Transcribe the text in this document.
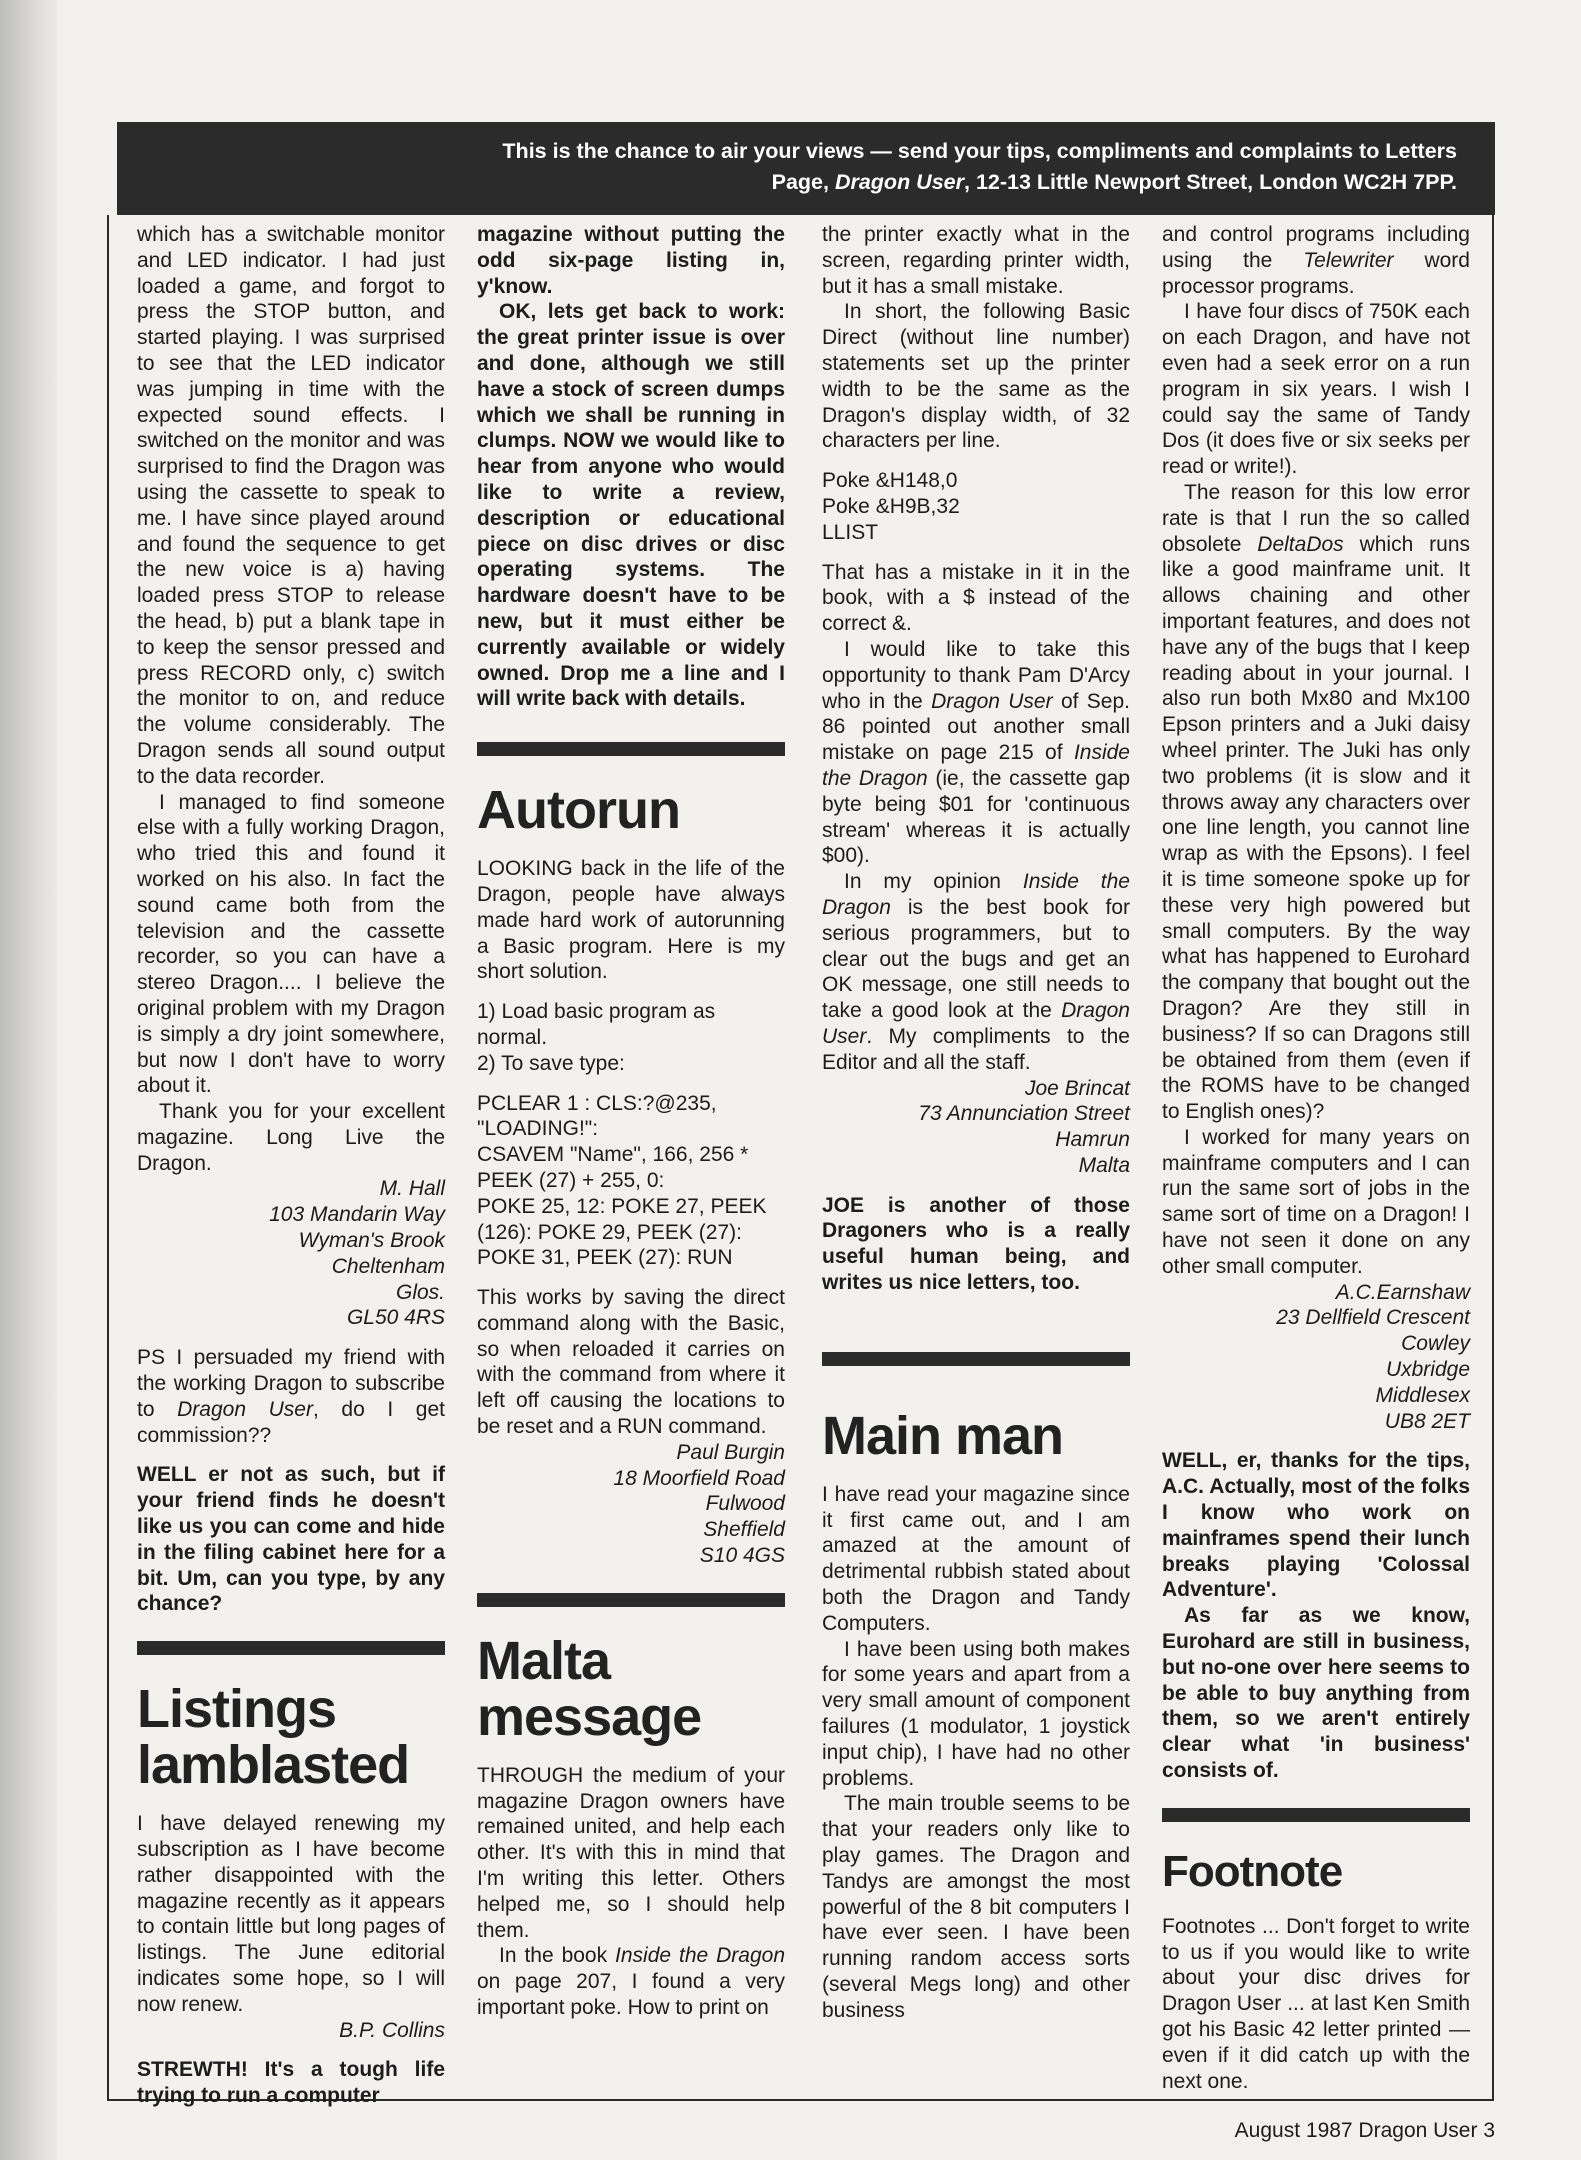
This is the chance to air your views — send your tips, compliments and complaints to Letters
Page, Dragon User, 12-13 Little Newport Street, London WC2H 7PP.

which has a switchable monitor and LED indicator. I had just loaded a game, and forgot to press the STOP button, and started playing. I was surprised to see that the LED indicator was jumping in time with the expected sound effects. I switched on the monitor and was surprised to find the Dragon was using the cassette to speak to me. I have since played around and found the sequence to get the new voice is a) having loaded press STOP to release the head, b) put a blank tape in to keep the sensor pressed and press RECORD only, c) switch the monitor to on, and reduce the volume considerably. The Dragon sends all sound output to the data recorder.

I managed to find someone else with a fully working Dragon, who tried this and found it worked on his also. In fact the sound came both from the television and the cassette recorder, so you can have a stereo Dragon.... I believe the original problem with my Dragon is simply a dry joint somewhere, but now I don't have to worry about it.

Thank you for your excellent magazine. Long Live the Dragon.

M. Hall

103 Mandarin Way

Wyman's Brook

Cheltenham

Glos.

GL50 4RS

PS I persuaded my friend with the working Dragon to subscribe to Dragon User, do I get commission??

WELL er not as such, but if your friend finds he doesn't like us you can come and hide in the filing cabinet here for a bit. Um, can you type, by any chance?

Listings lamblasted

I have delayed renewing my subscription as I have become rather disappointed with the magazine recently as it appears to contain little but long pages of listings. The June editorial indicates some hope, so I will now renew.

B.P. Collins

STREWTH! It's a tough life trying to run a computer

magazine without putting the odd six-page listing in, y'know.

OK, lets get back to work: the great printer issue is over and done, although we still have a stock of screen dumps which we shall be running in clumps. NOW we would like to hear from anyone who would like to write a review, description or educational piece on disc drives or disc operating systems. The hardware doesn't have to be new, but it must either be currently available or widely owned. Drop me a line and I will write back with details.

Autorun

LOOKING back in the life of the Dragon, people have always made hard work of autorunning a Basic program. Here is my short solution.

1) Load basic program as normal.

2) To save type:

PCLEAR 1 : CLS:?@235,

"LOADING!":

CSAVEM "Name", 166, 256 *

PEEK (27) + 255, 0:

POKE 25, 12: POKE 27, PEEK

(126): POKE 29, PEEK (27):

POKE 31, PEEK (27): RUN

This works by saving the direct command along with the Basic, so when reloaded it carries on with the command from where it left off causing the locations to be reset and a RUN command.

Paul Burgin

18 Moorfield Road

Fulwood

Sheffield

S10 4GS

Malta message

THROUGH the medium of your magazine Dragon owners have remained united, and help each other. It's with this in mind that I'm writing this letter. Others helped me, so I should help them.

In the book Inside the Dragon on page 207, I found a very important poke. How to print on

the printer exactly what in the screen, regarding printer width, but it has a small mistake.

In short, the following Basic Direct (without line number) statements set up the printer width to be the same as the Dragon's display width, of 32 characters per line.

Poke &H148,0

Poke &H9B,32

LLIST

That has a mistake in it in the book, with a $ instead of the correct &.

I would like to take this opportunity to thank Pam D'Arcy who in the Dragon User of Sep. 86 pointed out another small mistake on page 215 of Inside the Dragon (ie, the cassette gap byte being $01 for 'continuous stream' whereas it is actually $00).

In my opinion Inside the Dragon is the best book for serious programmers, but to clear out the bugs and get an OK message, one still needs to take a good look at the Dragon User. My compliments to the Editor and all the staff.

Joe Brincat

73 Annunciation Street

Hamrun

Malta

JOE is another of those Dragoners who is a really useful human being, and writes us nice letters, too.

Main man

I have read your magazine since it first came out, and I am amazed at the amount of detrimental rubbish stated about both the Dragon and Tandy Computers.

I have been using both makes for some years and apart from a very small amount of component failures (1 modulator, 1 joystick input chip), I have had no other problems.

The main trouble seems to be that your readers only like to play games. The Dragon and Tandys are amongst the most powerful of the 8 bit computers I have ever seen. I have been running random access sorts (several Megs long) and other business

and control programs including using the Telewriter word processor programs.

I have four discs of 750K each on each Dragon, and have not even had a seek error on a run program in six years. I wish I could say the same of Tandy Dos (it does five or six seeks per read or write!).

The reason for this low error rate is that I run the so called obsolete DeltaDos which runs like a good mainframe unit. It allows chaining and other important features, and does not have any of the bugs that I keep reading about in your journal. I also run both Mx80 and Mx100 Epson printers and a Juki daisy wheel printer. The Juki has only two problems (it is slow and it throws away any characters over one line length, you cannot line wrap as with the Epsons). I feel it is time someone spoke up for these very high powered but small computers. By the way what has happened to Eurohard the company that bought out the Dragon? Are they still in business? If so can Dragons still be obtained from them (even if the ROMS have to be changed to English ones)?

I worked for many years on mainframe computers and I can run the same sort of jobs in the same sort of time on a Dragon! I have not seen it done on any other small computer.

A.C.Earnshaw

23 Dellfield Crescent

Cowley

Uxbridge

Middlesex

UB8 2ET

WELL, er, thanks for the tips, A.C. Actually, most of the folks I know who work on mainframes spend their lunch breaks playing 'Colossal Adventure'.

As far as we know, Eurohard are still in business, but no-one over here seems to be able to buy anything from them, so we aren't entirely clear what 'in business' consists of.

Footnote

Footnotes ... Don't forget to write to us if you would like to write about your disc drives for Dragon User ... at last Ken Smith got his Basic 42 letter printed — even if it did catch up with the next one.

August 1987 Dragon User 3
